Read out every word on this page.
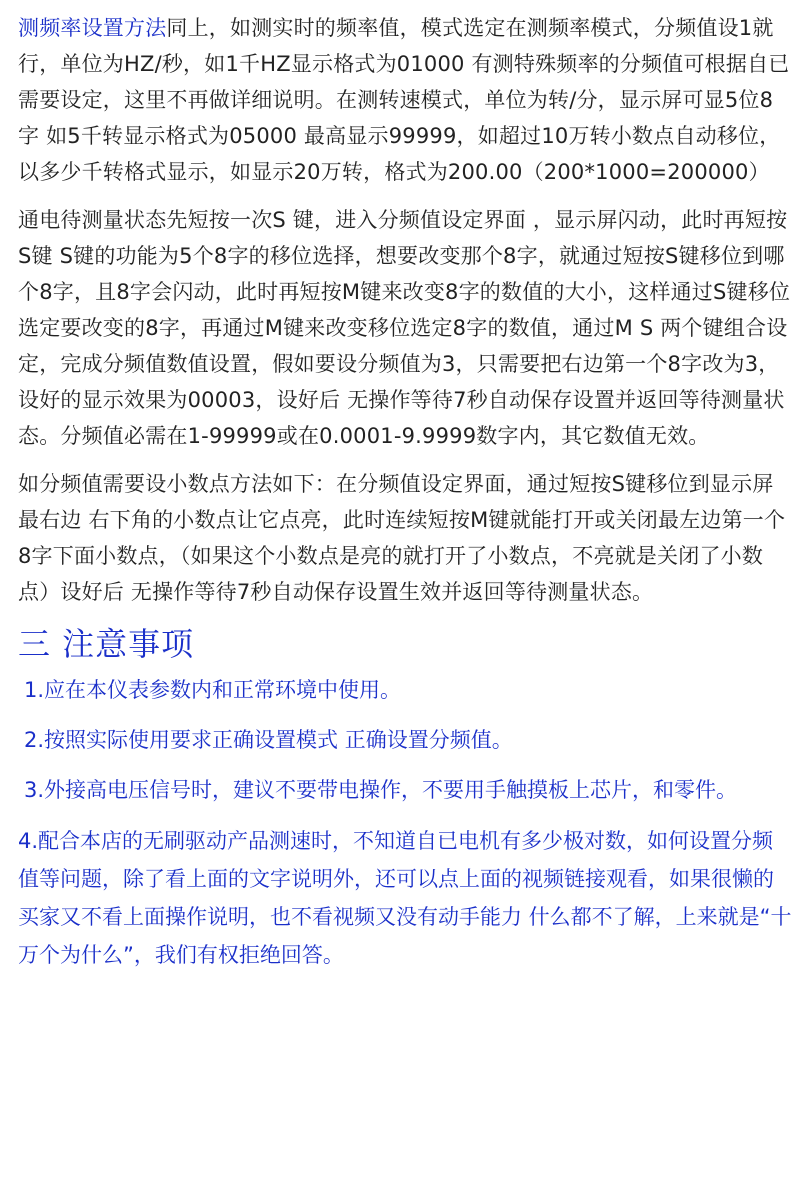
测频率设置方法同上，如测实时的频率值，模式选定在测频率模式，分频值设1就行，单位为HZ/秒，如1千HZ显示格式为01000 有测特殊频率的分频值可根据自已需要设定，这里不再做详细说明。在测转速模式，单位为转/分，显示屏可显5位8字 如5千转显示格式为05000 最高显示99999，如超过10万转小数点自动移位，以多少千转格式显示，如显示20万转，格式为200.00（200*1000=200000）

通电待测量状态先短按一次S 键，进入分频值设定界面 ，显示屏闪动，此时再短按S键 S键的功能为5个8字的移位选择，想要改变那个8字，就通过短按S键移位到哪个8字，且8字会闪动，此时再短按M键来改变8字的数值的大小，这样通过S键移位选定要改变的8字，再通过M键来改变移位选定8字的数值，通过M S 两个键组合设定，完成分频值数值设置，假如要设分频值为3，只需要把右边第一个8字改为3，设好的显示效果为00003，设好后 无操作等待7秒自动保存设置并返回等待测量状态。分频值必需在1-99999或在0.0001-9.9999数字内，其它数值无效。

如分频值需要设小数点方法如下：在分频值设定界面，通过短按S键移位到显示屏最右边 右下角的小数点让它点亮，此时连续短按M键就能打开或关闭最左边第一个8字下面小数点，（如果这个小数点是亮的就打开了小数点，不亮就是关闭了小数点）设好后 无操作等待7秒自动保存设置生效并返回等待测量状态。

三 注意事项

1.应在本仪表参数内和正常环境中使用。

2.按照实际使用要求正确设置模式 正确设置分频值。

3.外接高电压信号时，建议不要带电操作，不要用手触摸板上芯片，和零件。

4.配合本店的无刷驱动产品测速时，不知道自已电机有多少极对数，如何设置分频值等问题，除了看上面的文字说明外，还可以点上面的视频链接观看，如果很懒的买家又不看上面操作说明，也不看视频又没有动手能力 什么都不了解，上来就是“十万个为什么”，我们有权拒绝回答。
